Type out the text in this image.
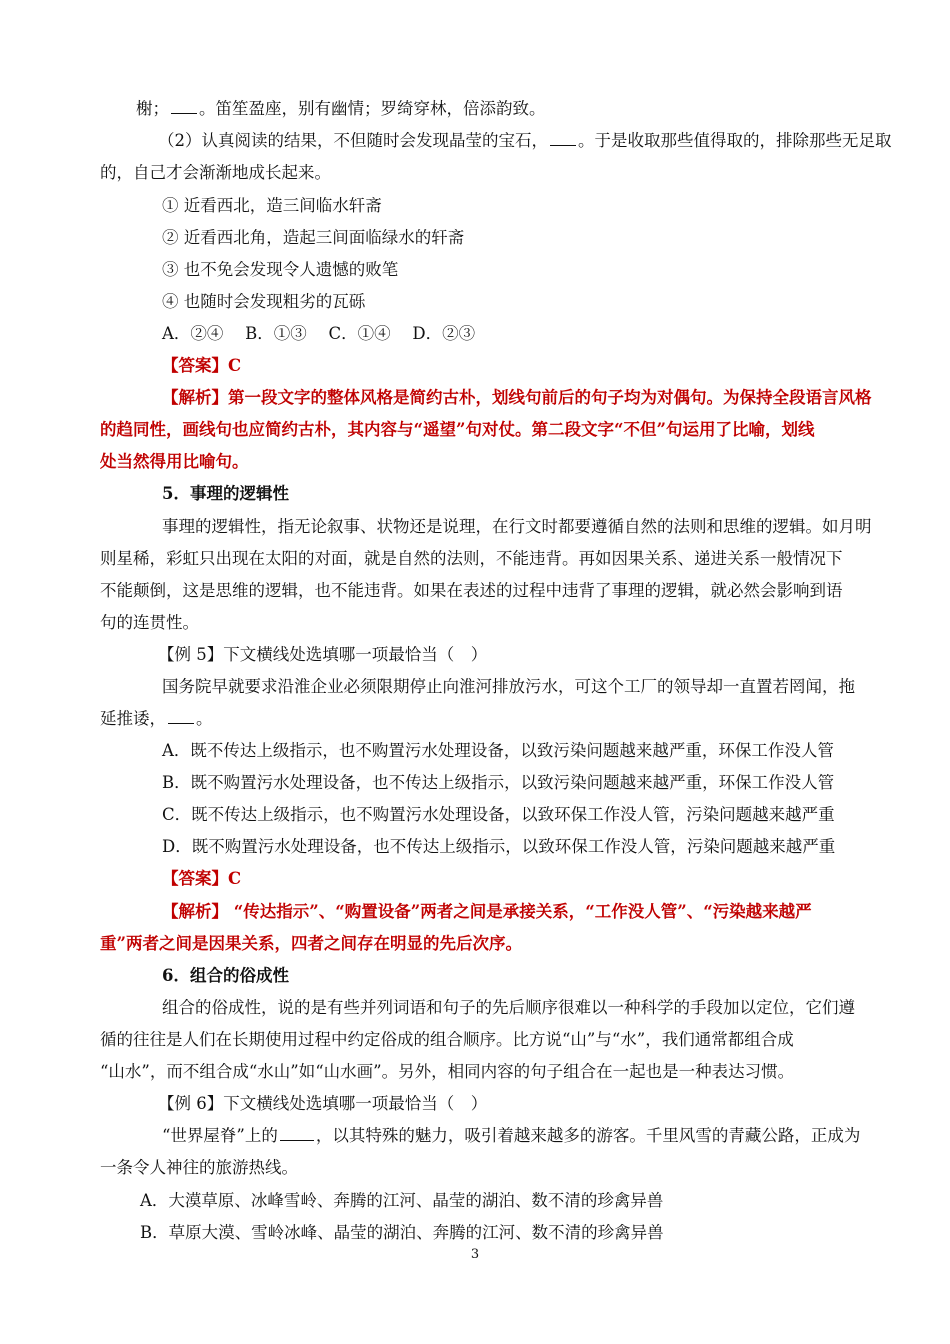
榭； 。笛笙盈座，别有幽情；罗绮穿林，倍添韵致。
（2）认真阅读的结果，不但随时会发现晶莹的宝石， 。于是收取那些值得取的，排除那些无足取
的，自己才会渐渐地成长起来。
① 近看西北，造三间临水轩斋
② 近看西北角，造起三间面临绿水的轩斋
③ 也不免会发现令人遗憾的败笔
④ 也随时会发现粗劣的瓦砾
A．②④　 B．①③　 C．①④　 D．②③
【答案】C
【解析】第一段文字的整体风格是简约古朴，划线句前后的句子均为对偶句。为保持全段语言风格
的趋同性，画线句也应简约古朴，其内容与“遥望”句对仗。第二段文字“不但”句运用了比喻，划线
处当然得用比喻句。
5．事理的逻辑性
事理的逻辑性，指无论叙事、状物还是说理，在行文时都要遵循自然的法则和思维的逻辑。如月明
则星稀，彩虹只出现在太阳的对面，就是自然的法则，不能违背。再如因果关系、递进关系一般情况下
不能颠倒，这是思维的逻辑，也不能违背。如果在表述的过程中违背了事理的逻辑，就必然会影响到语
句的连贯性。
【例 5】下文横线处选填哪一项最恰当（　）
国务院早就要求沿淮企业必须限期停止向淮河排放污水，可这个工厂的领导却一直置若罔闻，拖
延推诿， 。
A．既不传达上级指示，也不购置污水处理设备，以致污染问题越来越严重，环保工作没人管
B．既不购置污水处理设备，也不传达上级指示，以致污染问题越来越严重，环保工作没人管
C．既不传达上级指示，也不购置污水处理设备，以致环保工作没人管，污染问题越来越严重
D．既不购置污水处理设备，也不传达上级指示，以致环保工作没人管，污染问题越来越严重
【答案】C
【解析】 “传达指示”、“购置设备”两者之间是承接关系，“工作没人管”、“污染越来越严
重”两者之间是因果关系，四者之间存在明显的先后次序。
6．组合的俗成性
组合的俗成性，说的是有些并列词语和句子的先后顺序很难以一种科学的手段加以定位，它们遵
循的往往是人们在长期使用过程中约定俗成的组合顺序。比方说“山”与“水”，我们通常都组合成
“山水”，而不组合成“水山”如“山水画”。另外，相同内容的句子组合在一起也是一种表达习惯。
【例 6】下文横线处选填哪一项最恰当（　）
“世界屋脊”上的 ，以其特殊的魅力，吸引着越来越多的游客。千里风雪的青藏公路，正成为
一条令人神往的旅游热线。
A．大漠草原、冰峰雪岭、奔腾的江河、晶莹的湖泊、数不清的珍禽异兽
B．草原大漠、雪岭冰峰、晶莹的湖泊、奔腾的江河、数不清的珍禽异兽
3
